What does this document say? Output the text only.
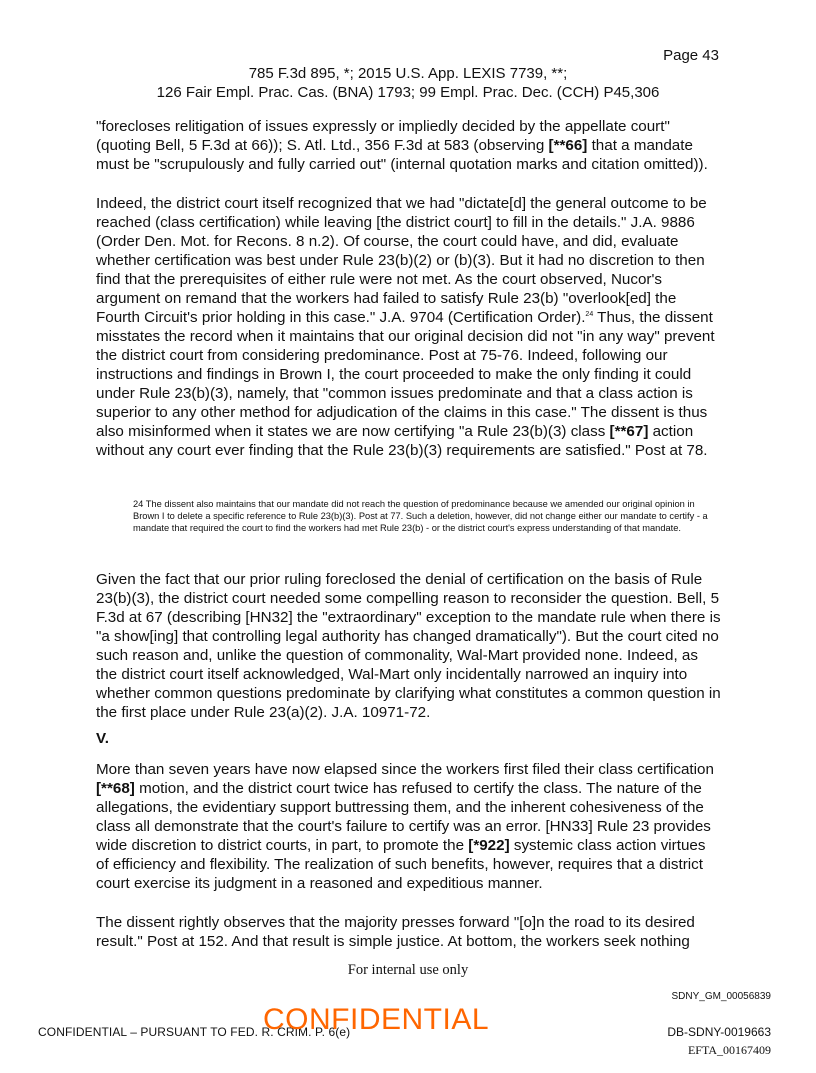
Page 43
785 F.3d 895, *; 2015 U.S. App. LEXIS 7739, **;
126 Fair Empl. Prac. Cas. (BNA) 1793; 99 Empl. Prac. Dec. (CCH) P45,306

"forecloses relitigation of issues expressly or impliedly decided by the appellate court" (quoting Bell, 5 F.3d at 66)); S. Atl. Ltd., 356 F.3d at 583 (observing [**66] that a mandate must be "scrupulously and fully carried out" (internal quotation marks and citation omitted)).

Indeed, the district court itself recognized that we had "dictate[d] the general outcome to be reached (class certification) while leaving [the district court] to fill in the details." J.A. 9886 (Order Den. Mot. for Recons. 8 n.2). Of course, the court could have, and did, evaluate whether certification was best under Rule 23(b)(2) or (b)(3). But it had no discretion to then find that the prerequisites of either rule were not met. As the court observed, Nucor's argument on remand that the workers had failed to satisfy Rule 23(b) "overlook[ed] the Fourth Circuit's prior holding in this case." J.A. 9704 (Certification Order).$^{24}$ Thus, the dissent misstates the record when it maintains that our original decision did not "in any way" prevent the district court from considering predominance. Post at 75-76. Indeed, following our instructions and findings in Brown I, the court proceeded to make the only finding it could under Rule 23(b)(3), namely, that "common issues predominate and that a class action is superior to any other method for adjudication of the claims in this case." The dissent is thus also misinformed when it states we are now certifying "a Rule 23(b)(3) class [**67] action without any court ever finding that the Rule 23(b)(3) requirements are satisfied." Post at 78.

24 The dissent also maintains that our mandate did not reach the question of predominance because we amended our original opinion in Brown I to delete a specific reference to Rule 23(b)(3). Post at 77. Such a deletion, however, did not change either our mandate to certify - a mandate that required the court to find the workers had met Rule 23(b) - or the district court's express understanding of that mandate.

Given the fact that our prior ruling foreclosed the denial of certification on the basis of Rule 23(b)(3), the district court needed some compelling reason to reconsider the question. Bell, 5 F.3d at 67 (describing [HN32] the "extraordinary" exception to the mandate rule when there is "a show[ing] that controlling legal authority has changed dramatically"). But the court cited no such reason and, unlike the question of commonality, Wal-Mart provided none. Indeed, as the district court itself acknowledged, Wal-Mart only incidentally narrowed an inquiry into whether common questions predominate by clarifying what constitutes a common question in the first place under Rule 23(a)(2). J.A. 10971-72.

V.

More than seven years have now elapsed since the workers first filed their class certification [**68] motion, and the district court twice has refused to certify the class. The nature of the allegations, the evidentiary support buttressing them, and the inherent cohesiveness of the class all demonstrate that the court's failure to certify was an error. [HN33] Rule 23 provides wide discretion to district courts, in part, to promote the [*922] systemic class action virtues of efficiency and flexibility. The realization of such benefits, however, requires that a district court exercise its judgment in a reasoned and expeditious manner.

The dissent rightly observes that the majority presses forward "[o]n the road to its desired result." Post at 152. And that result is simple justice. At bottom, the workers seek nothing

For internal use only
SDNY_GM_00056839
CONFIDENTIAL – PURSUANT TO FED. R. CRIM. P. 6(e)
CONFIDENTIAL	DB-SDNY-0019663
EFTA_00167409
